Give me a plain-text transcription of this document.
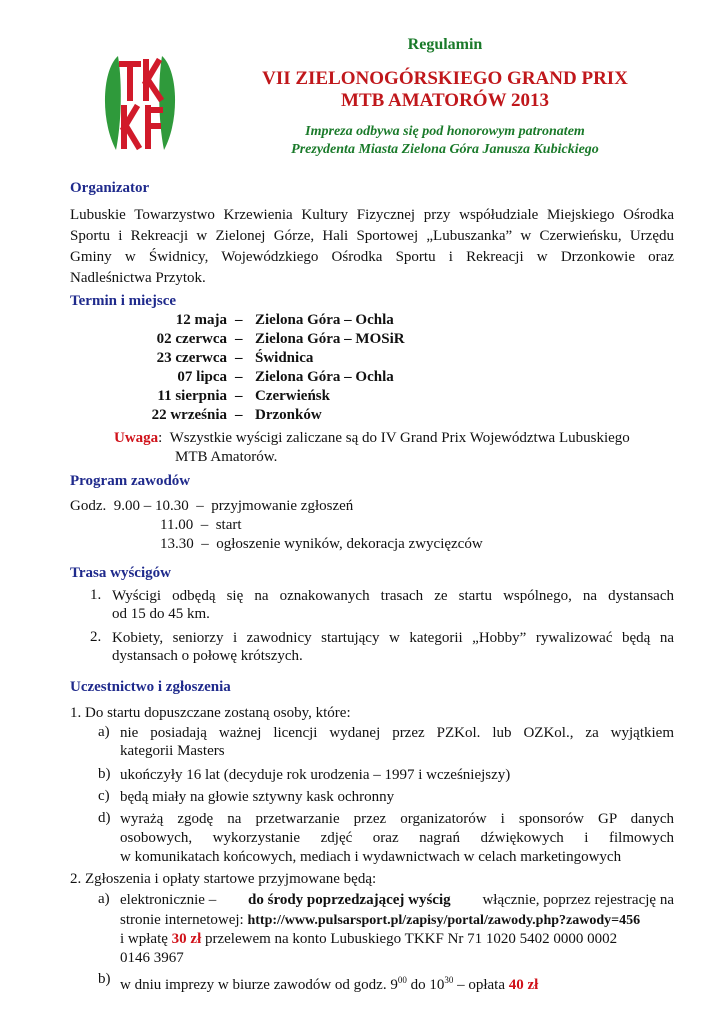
Regulamin
VII ZIELONOGÓRSKIEGO GRAND PRIX
MTB AMATORÓW 2013
Impreza odbywa się pod honorowym patronatem
Prezydenta Miasta Zielona Góra Janusza Kubickiego
Organizator
Lubuskie Towarzystwo Krzewienia Kultury Fizycznej przy współudziale Miejskiego Ośrodka
Sportu i Rekreacji w Zielonej Górze, Hali Sportowej „Lubuszanka” w Czerwieńsku, Urzędu
Gminy w Świdnicy, Wojewódzkiego Ośrodka Sportu i Rekreacji w Drzonkowie oraz
Nadleśnictwa Przytok.
Termin i miejsce
12 maja – Zielona Góra – Ochla
02 czerwca – Zielona Góra – MOSiR
23 czerwca – Świdnica
07 lipca – Zielona Góra – Ochla
11 sierpnia – Czerwieńsk
22 września – Drzonków
Uwaga:  Wszystkie wyścigi zaliczane są do IV Grand Prix Województwa Lubuskiego
MTB Amatorów.
Program zawodów
Godz.  9.00 – 10.30  –  przyjmowanie zgłoszeń
11.00  –  start
13.30  –  ogłoszenie wyników, dekoracja zwycięzców
Trasa wyścigów
1. Wyścigi odbędą się na oznakowanych trasach ze startu wspólnego, na dystansach
od 15 do 45 km.
2. Kobiety, seniorzy i zawodnicy startujący w kategorii „Hobby” rywalizować będą na
dystansach o połowę krótszych.
Uczestnictwo i zgłoszenia
1. Do startu dopuszczane zostaną osoby, które:
a) nie posiadają ważnej licencji wydanej przez PZKol. lub OZKol., za wyjątkiem
kategorii Masters
b) ukończyły 16 lat (decyduje rok urodzenia – 1997 i wcześniejszy)
c) będą miały na głowie sztywny kask ochronny
d) wyrażą zgodę na przetwarzanie przez organizatorów i sponsorów GP danych
osobowych, wykorzystanie zdjęć oraz nagrań dźwiękowych i filmowych
w komunikatach końcowych, mediach i wydawnictwach w celach marketingowych
2. Zgłoszenia i opłaty startowe przyjmowane będą:
a) elektronicznie – do środy poprzedzającej wyścig włącznie, poprzez rejestrację na
stronie internetowej: http://www.pulsarsport.pl/zapisy/portal/zawody.php?zawody=456
i wpłatę 30 zł przelewem na konto Lubuskiego TKKF Nr 71 1020 5402 0000 0002
0146 3967
b) w dniu imprezy w biurze zawodów od godz. $9^{00}$ do $10^{30}$ – opłata 40 zł
